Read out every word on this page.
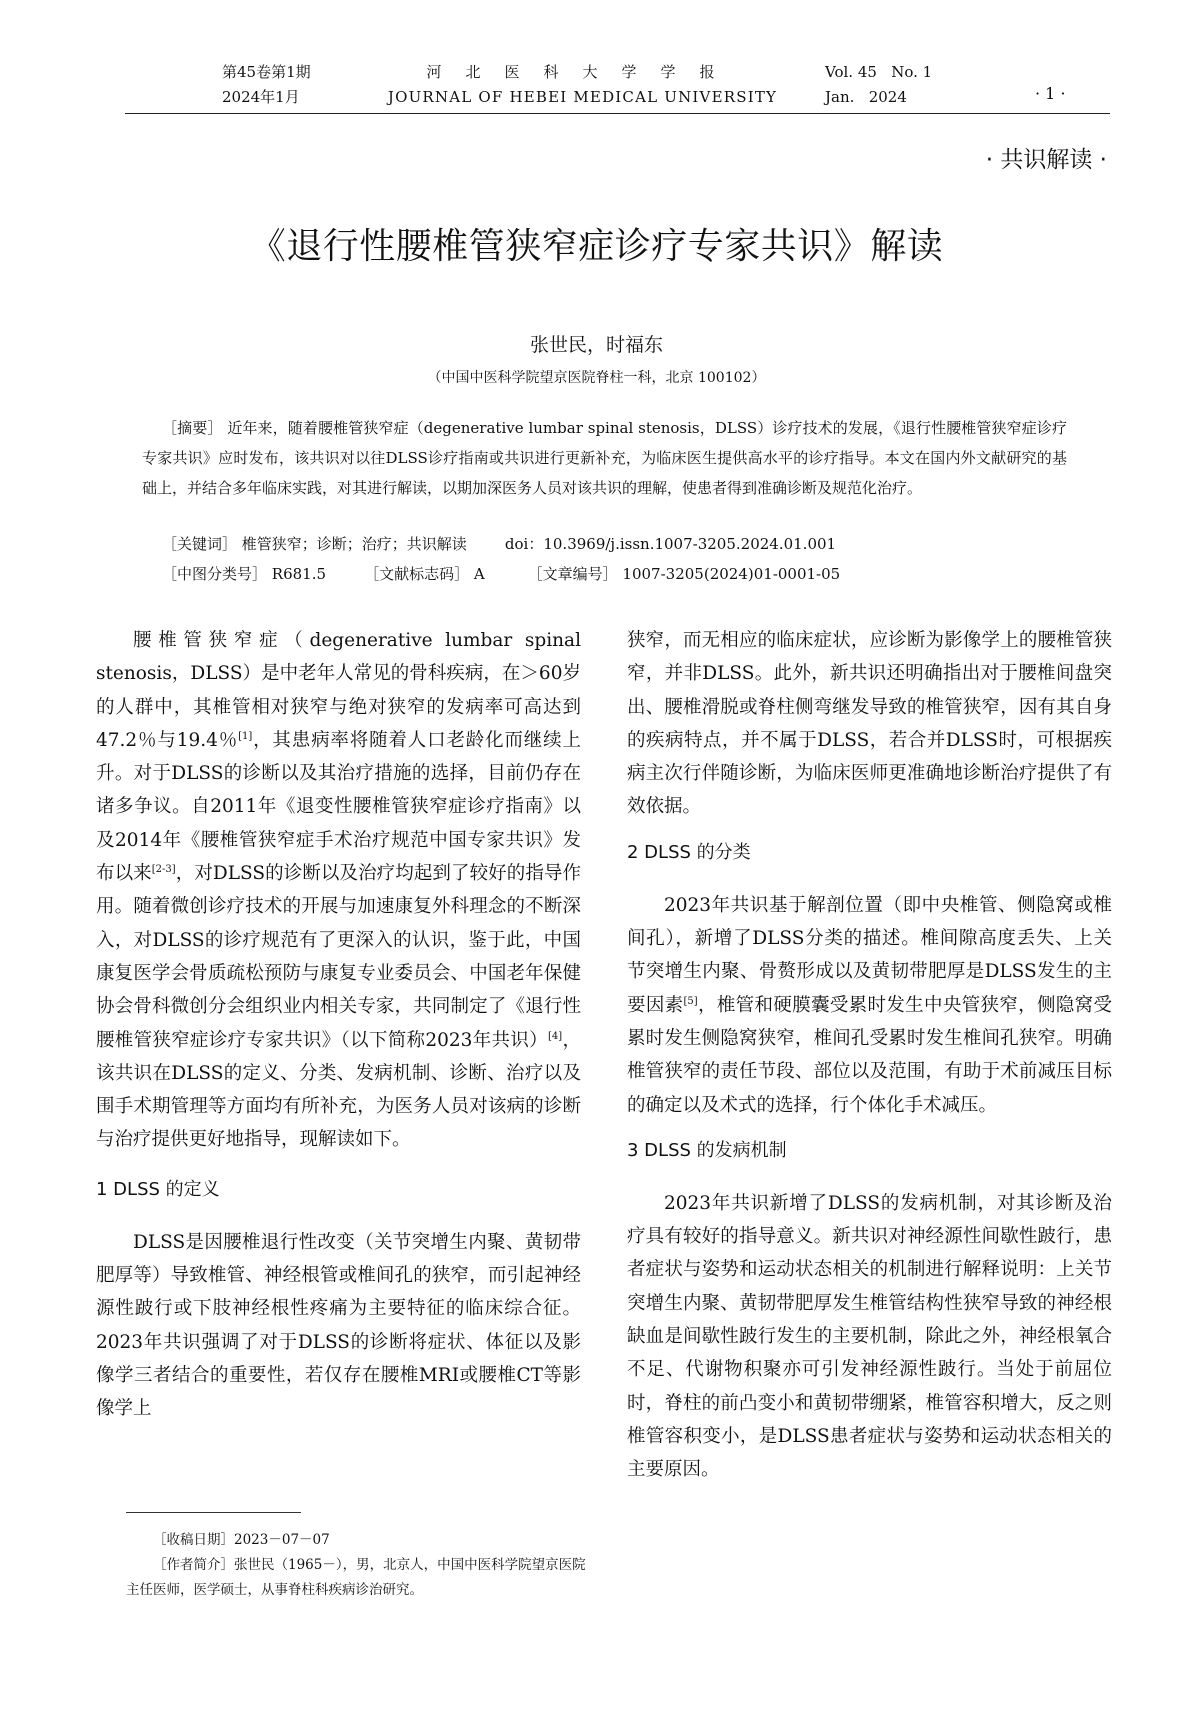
第45卷第1期
2024年1月
河北医科大学学报
JOURNAL OF HEBEI MEDICAL UNIVERSITY
Vol. 45   No. 1
Jan.   2024	· 1 ·
· 共识解读 ·
《退行性腰椎管狭窄症诊疗专家共识》解读
张世民，时福东
（中国中医科学院望京医院脊柱一科，北京 100102）
［摘要］ 近年来，随着腰椎管狭窄症（degenerative lumbar spinal stenosis，DLSS）诊疗技术的发展，《退行性腰椎管狭窄症诊疗专家共识》应时发布，该共识对以往DLSS诊疗指南或共识进行更新补充，为临床医生提供高水平的诊疗指导。本文在国内外文献研究的基础上，并结合多年临床实践，对其进行解读，以期加深医务人员对该共识的理解，使患者得到准确诊断及规范化治疗。
［关键词］ 椎管狭窄；诊断；治疗；共识解读        doi：10.3969/j.issn.1007-3205.2024.01.001
［中图分类号］ R681.5        ［文献标志码］ A         ［文章编号］ 1007-3205(2024)01-0001-05

腰椎管狭窄症（degenerative lumbar spinal stenosis，DLSS）是中老年人常见的骨科疾病，在＞60岁的人群中，其椎管相对狭窄与绝对狭窄的发病率可高达到47.2％与19.4％[1]，其患病率将随着人口老龄化而继续上升。对于DLSS的诊断以及其治疗措施的选择，目前仍存在诸多争议。自2011年《退变性腰椎管狭窄症诊疗指南》以及2014年《腰椎管狭窄症手术治疗规范中国专家共识》发布以来[2-3]，对DLSS的诊断以及治疗均起到了较好的指导作用。随着微创诊疗技术的开展与加速康复外科理念的不断深入，对DLSS的诊疗规范有了更深入的认识，鉴于此，中国康复医学会骨质疏松预防与康复专业委员会、中国老年保健协会骨科微创分会组织业内相关专家，共同制定了《退行性腰椎管狭窄症诊疗专家共识》（以下简称2023年共识）[4]，该共识在DLSS的定义、分类、发病机制、诊断、治疗以及围手术期管理等方面均有所补充，为医务人员对该病的诊断与治疗提供更好地指导，现解读如下。

1 DLSS 的定义

DLSS是因腰椎退行性改变（关节突增生内聚、黄韧带肥厚等）导致椎管、神经根管或椎间孔的狭窄，而引起神经源性跛行或下肢神经根性疼痛为主要特征的临床综合征。2023年共识强调了对于DLSS的诊断将症状、体征以及影像学三者结合的重要性，若仅存在腰椎MRI或腰椎CT等影像学上

狭窄，而无相应的临床症状，应诊断为影像学上的腰椎管狭窄，并非DLSS。此外，新共识还明确指出对于腰椎间盘突出、腰椎滑脱或脊柱侧弯继发导致的椎管狭窄，因有其自身的疾病特点，并不属于DLSS，若合并DLSS时，可根据疾病主次行伴随诊断，为临床医师更准确地诊断治疗提供了有效依据。

2 DLSS 的分类

2023年共识基于解剖位置（即中央椎管、侧隐窝或椎间孔），新增了DLSS分类的描述。椎间隙高度丢失、上关节突增生内聚、骨赘形成以及黄韧带肥厚是DLSS发生的主要因素[5]，椎管和硬膜囊受累时发生中央管狭窄，侧隐窝受累时发生侧隐窝狭窄，椎间孔受累时发生椎间孔狭窄。明确椎管狭窄的责任节段、部位以及范围，有助于术前减压目标的确定以及术式的选择，行个体化手术减压。

3 DLSS 的发病机制

2023年共识新增了DLSS的发病机制，对其诊断及治疗具有较好的指导意义。新共识对神经源性间歇性跛行，患者症状与姿势和运动状态相关的机制进行解释说明：上关节突增生内聚、黄韧带肥厚发生椎管结构性狭窄导致的神经根缺血是间歇性跛行发生的主要机制，除此之外，神经根氧合不足、代谢物积聚亦可引发神经源性跛行。当处于前屈位时，脊柱的前凸变小和黄韧带绷紧，椎管容积增大，反之则椎管容积变小，是DLSS患者症状与姿势和运动状态相关的主要原因。

［收稿日期］2023－07－07

［作者简介］张世民（1965－），男，北京人，中国中医科学院望京医院主任医师，医学硕士，从事脊柱科疾病诊治研究。
